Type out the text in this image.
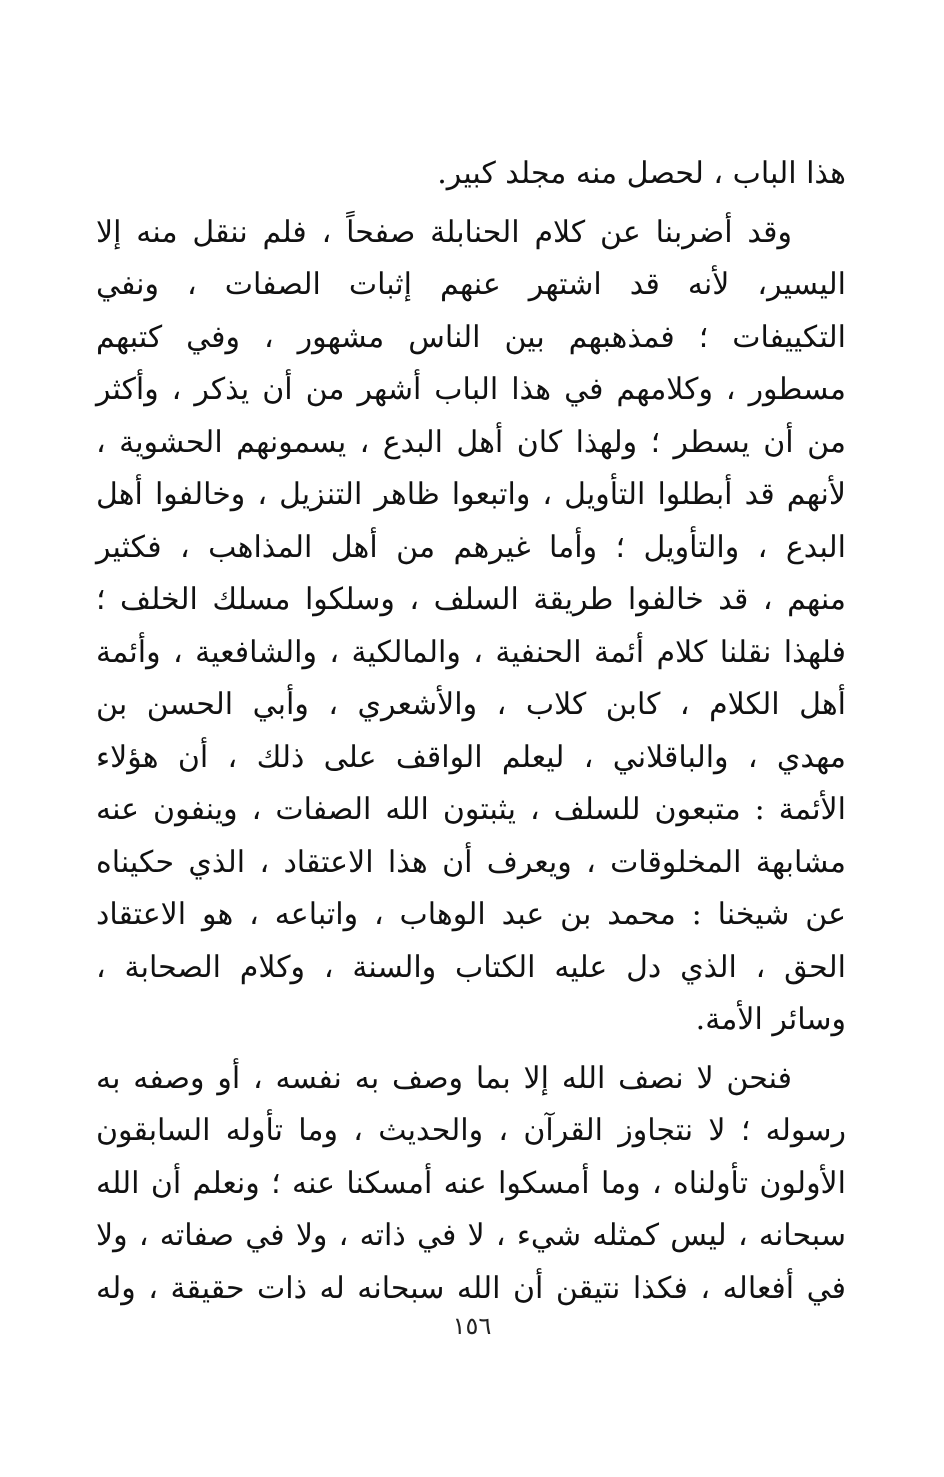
هذا الباب ، لحصل منه مجلد كبير.
وقد أضربنا عن كلام الحنابلة صفحاً ، فلم ننقل منه إلا
اليسير، لأنه قد اشتهر عنهم إثبات الصفات ، ونفي
التكييفات ؛ فمذهبهم بين الناس مشهور ، وفي كتبهم
مسطور ، وكلامهم في هذا الباب أشهر من أن يذكر ، وأكثر
من أن يسطر ؛ ولهذا كان أهل البدع ، يسمونهم الحشوية ،
لأنهم قد أبطلوا التأويل ، واتبعوا ظاهر التنزيل ، وخالفوا أهل
البدع ، والتأويل ؛ وأما غيرهم من أهل المذاهب ، فكثير
منهم ، قد خالفوا طريقة السلف ، وسلكوا مسلك الخلف ؛
فلهذا نقلنا كلام أئمة الحنفية ، والمالكية ، والشافعية ، وأئمة
أهل الكلام ، كابن كلاب ، والأشعري ، وأبي الحسن بن
مهدي ، والباقلاني ، ليعلم الواقف على ذلك ، أن هؤلاء
الأئمة : متبعون للسلف ، يثبتون الله الصفات ، وينفون عنه
مشابهة المخلوقات ، ويعرف أن هذا الاعتقاد ، الذي حكيناه
عن شيخنا : محمد بن عبد الوهاب ، واتباعه ، هو الاعتقاد
الحق ، الذي دل عليه الكتاب والسنة ، وكلام الصحابة ،
وسائر الأمة.
فنحن لا نصف الله إلا بما وصف به نفسه ، أو وصفه به
رسوله ؛ لا نتجاوز القرآن ، والحديث ، وما تأوله السابقون
الأولون تأولناه ، وما أمسكوا عنه أمسكنا عنه ؛ ونعلم أن الله
سبحانه ، ليس كمثله شيء ، لا في ذاته ، ولا في صفاته ، ولا
في أفعاله ، فكذا نتيقن أن الله سبحانه له ذات حقيقة ، وله
١٥٦
